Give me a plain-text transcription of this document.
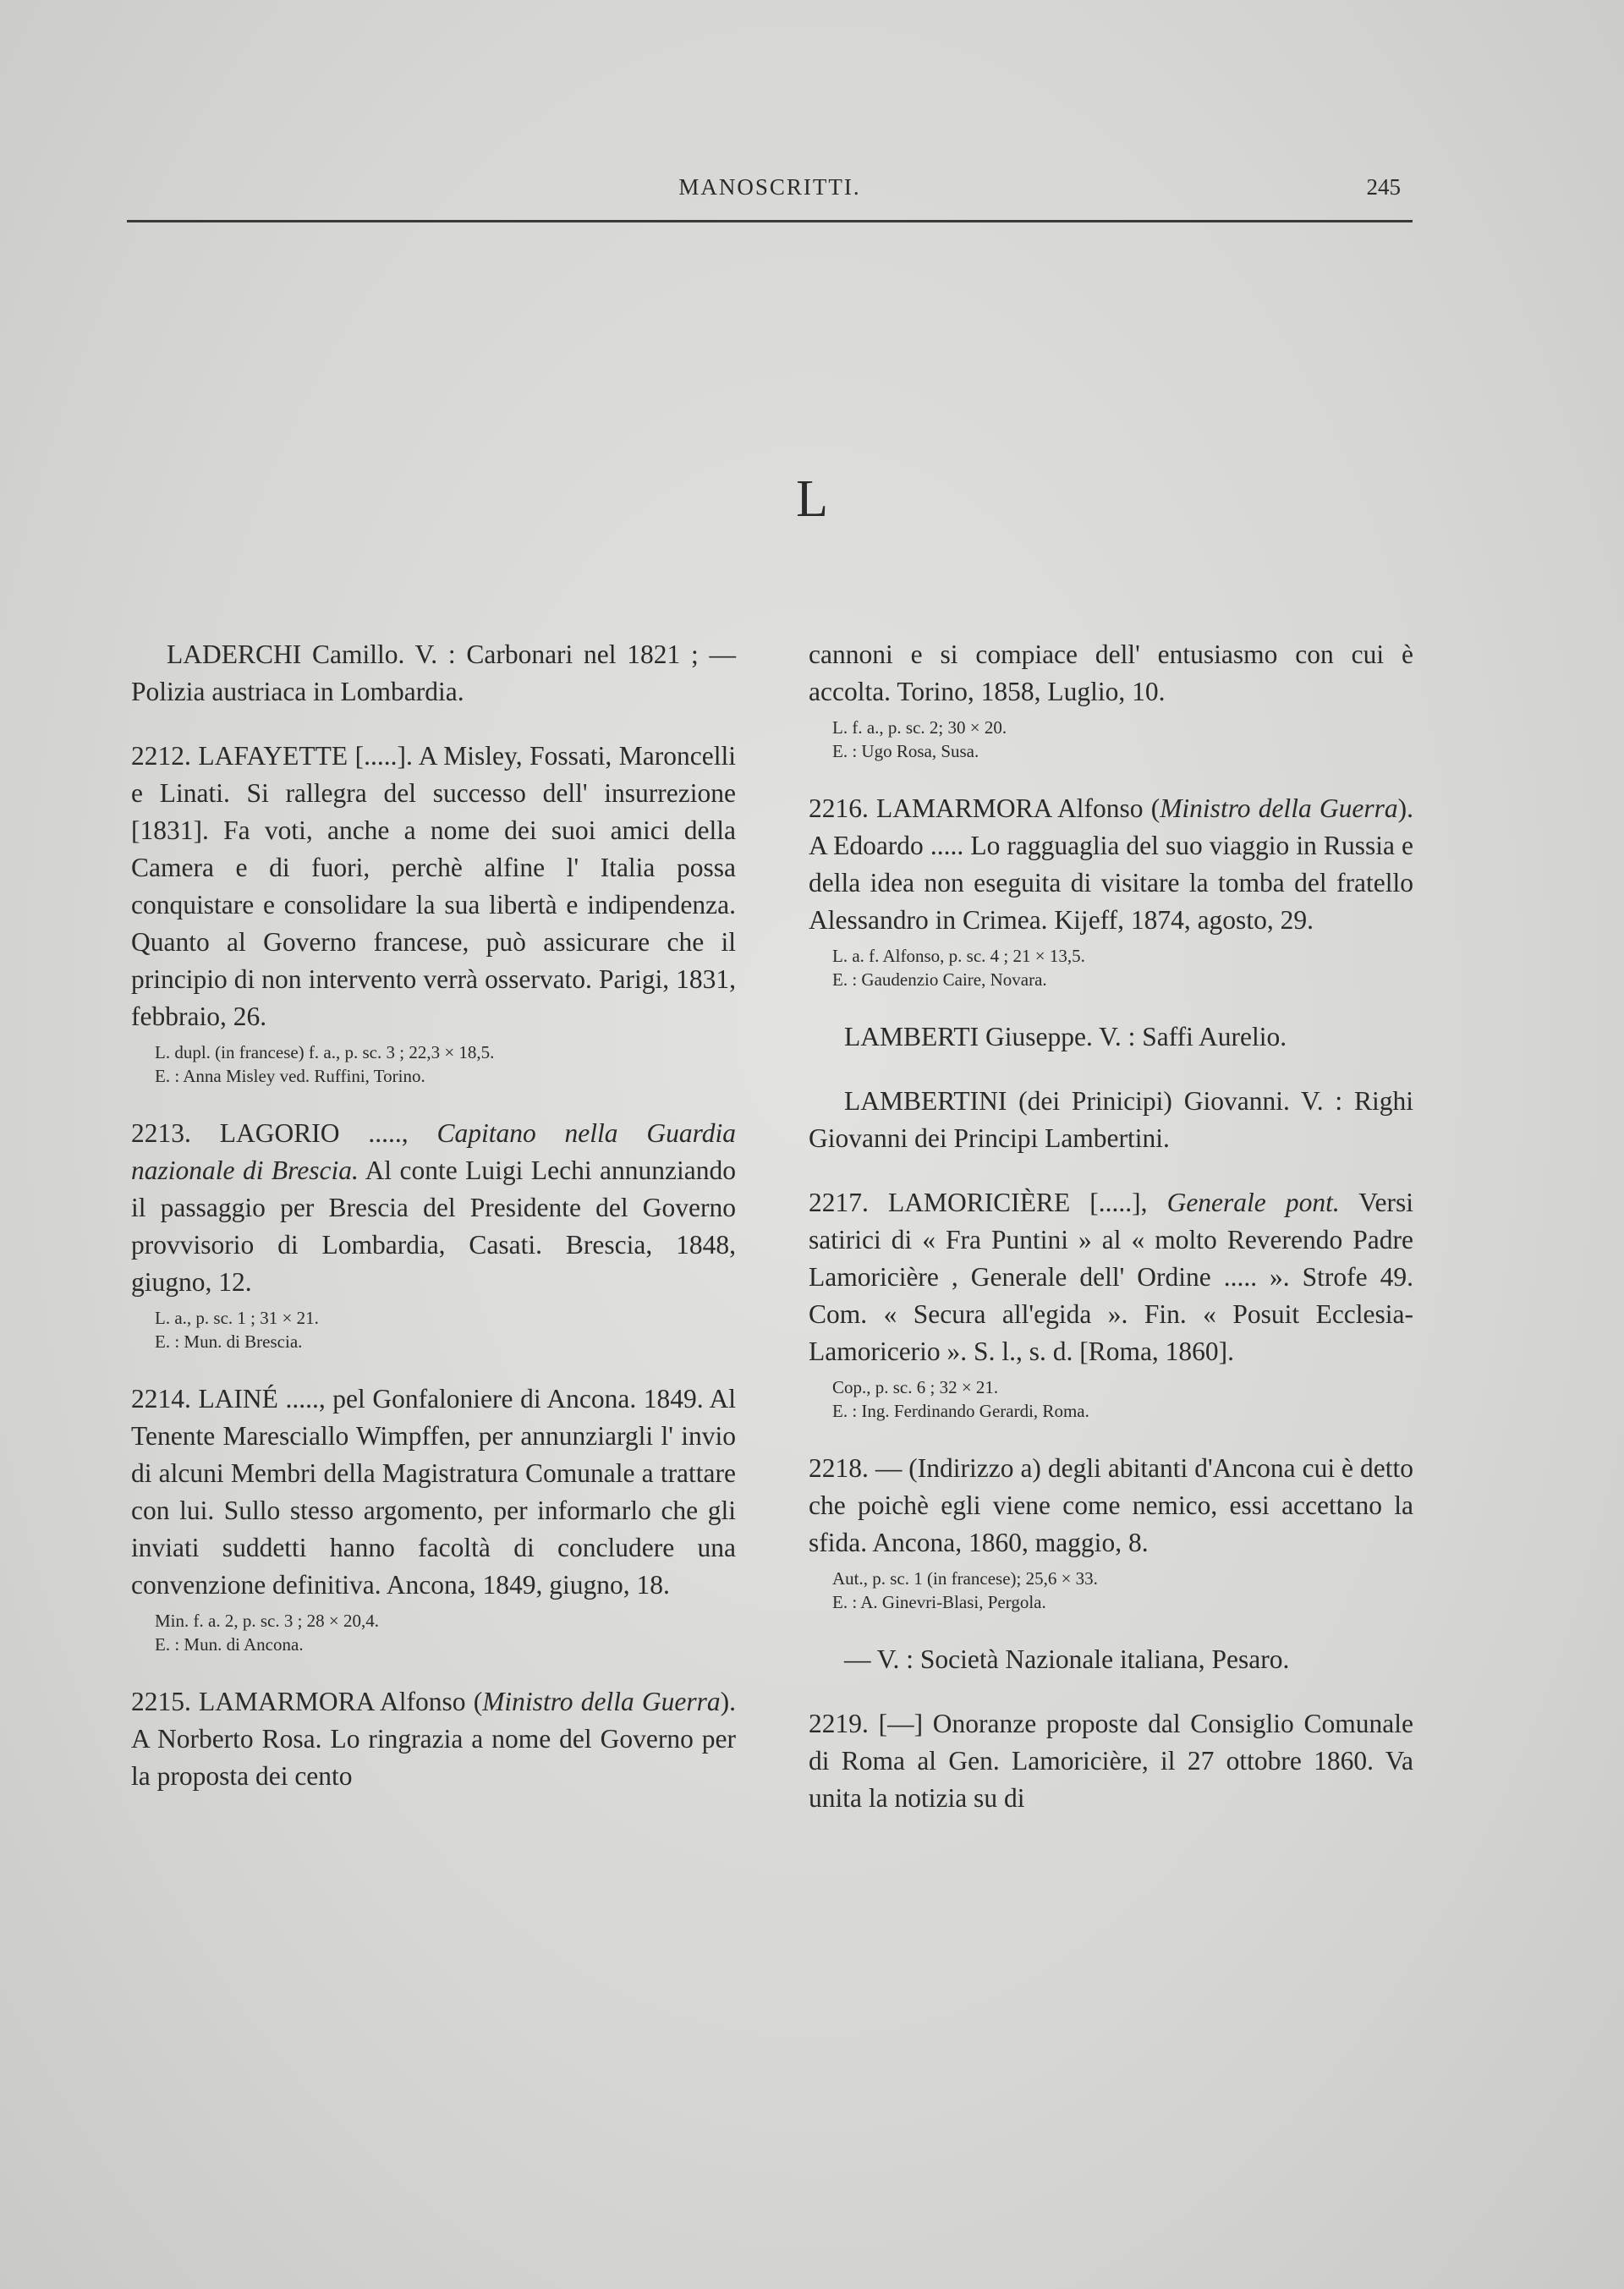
MANOSCRITTI.	245
L

LADERCHI Camillo. V. : Carbonari nel 1821 ; — Polizia austriaca in Lombardia.

2212. LAFAYETTE [.....]. A Misley, Fossati, Maroncelli e Linati. Si rallegra del successo dell' insurrezione [1831]. Fa voti, anche a nome dei suoi amici della Camera e di fuori, perchè alfine l' Italia possa conquistare e consolidare la sua libertà e indipendenza. Quanto al Governo francese, può assicurare che il principio di non intervento verrà osservato. Parigi, 1831, febbraio, 26.

L. dupl. (in francese) f. a., p. sc. 3 ; 22,3 × 18,5.
E. : Anna Misley ved. Ruffini, Torino.

2213. LAGORIO ....., Capitano nella Guardia nazionale di Brescia. Al conte Luigi Lechi annunziando il passaggio per Brescia del Presidente del Governo provvisorio di Lombardia, Casati. Brescia, 1848, giugno, 12.

L. a., p. sc. 1 ; 31 × 21.
E. : Mun. di Brescia.

2214. LAINÉ ....., pel Gonfaloniere di Ancona. 1849. Al Tenente Maresciallo Wimpffen, per annunziargli l' invio di alcuni Membri della Magistratura Comunale a trattare con lui. Sullo stesso argomento, per informarlo che gli inviati suddetti hanno facoltà di concludere una convenzione definitiva. Ancona, 1849, giugno, 18.

Min. f. a. 2, p. sc. 3 ; 28 × 20,4.
E. : Mun. di Ancona.

2215. LAMARMORA Alfonso (Ministro della Guerra). A Norberto Rosa. Lo ringrazia a nome del Governo per la proposta dei cento

cannoni e si compiace dell' entusiasmo con cui è accolta. Torino, 1858, Luglio, 10.

L. f. a., p. sc. 2; 30 × 20.
E. : Ugo Rosa, Susa.

2216. LAMARMORA Alfonso (Ministro della Guerra). A Edoardo ..... Lo ragguaglia del suo viaggio in Russia e della idea non eseguita di visitare la tomba del fratello Alessandro in Crimea. Kijeff, 1874, agosto, 29.

L. a. f. Alfonso, p. sc. 4 ; 21 × 13,5.
E. : Gaudenzio Caire, Novara.

LAMBERTI Giuseppe. V. : Saffi Aurelio.

LAMBERTINI (dei Prinicipi) Giovanni. V. : Righi Giovanni dei Principi Lambertini.

2217. LAMORICIÈRE [.....], Generale pont. Versi satirici di « Fra Puntini » al « molto Reverendo Padre Lamoricière , Generale dell' Ordine ..... ». Strofe 49. Com. « Secura all'egida ». Fin. « Posuit Ecclesia-Lamoricerio ». S. l., s. d. [Roma, 1860].

Cop., p. sc. 6 ; 32 × 21.
E. : Ing. Ferdinando Gerardi, Roma.

2218. — (Indirizzo a) degli abitanti d'Ancona cui è detto che poichè egli viene come nemico, essi accettano la sfida. Ancona, 1860, maggio, 8.

Aut., p. sc. 1 (in francese); 25,6 × 33.
E. : A. Ginevri-Blasi, Pergola.

— V. : Società Nazionale italiana, Pesaro.

2219. [—] Onoranze proposte dal Consiglio Comunale di Roma al Gen. Lamoricière, il 27 ottobre 1860. Va unita la notizia su di
